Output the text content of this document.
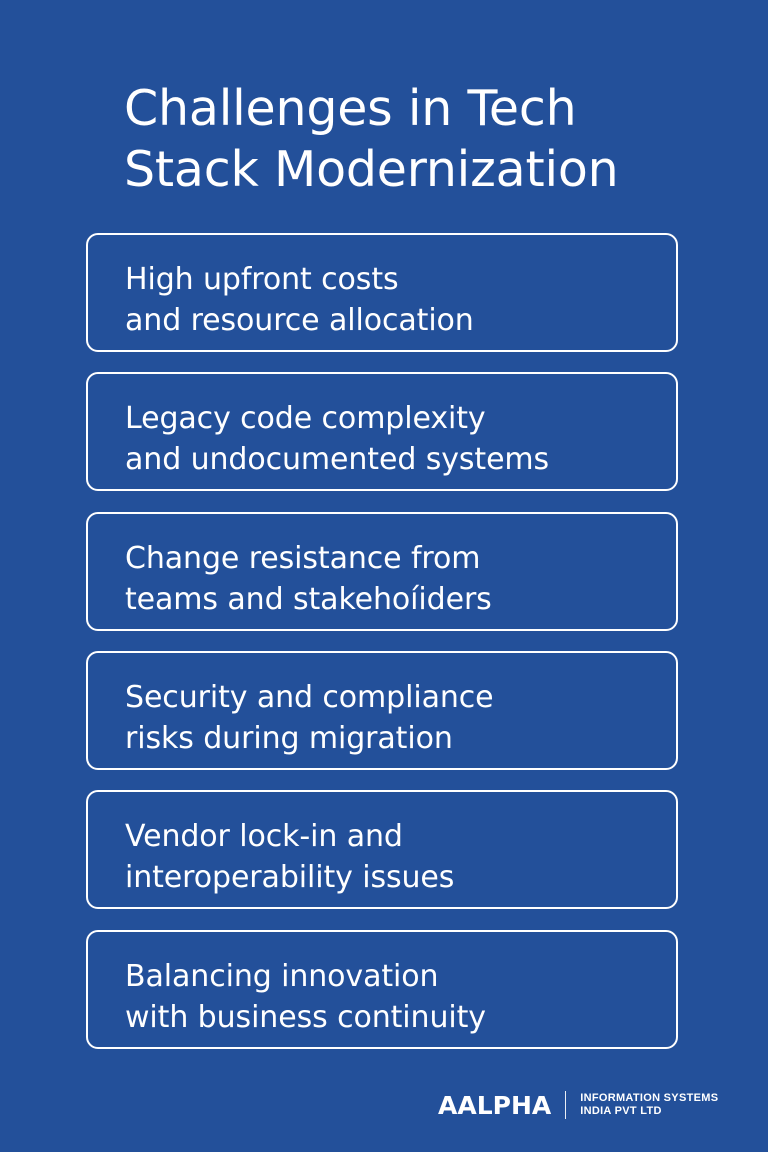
Challenges in Tech
Stack Modernization
High upfront costs
and resource allocation
Legacy code complexity
and undocumented systems
Change resistance from
teams and stakehoíiders
Security and compliance
risks during migration
Vendor lock-in and
interoperability issues
Balancing innovation
with business continuity
AALPHA	INFORMATION SYSTEMS
INDIA PVT LTD
